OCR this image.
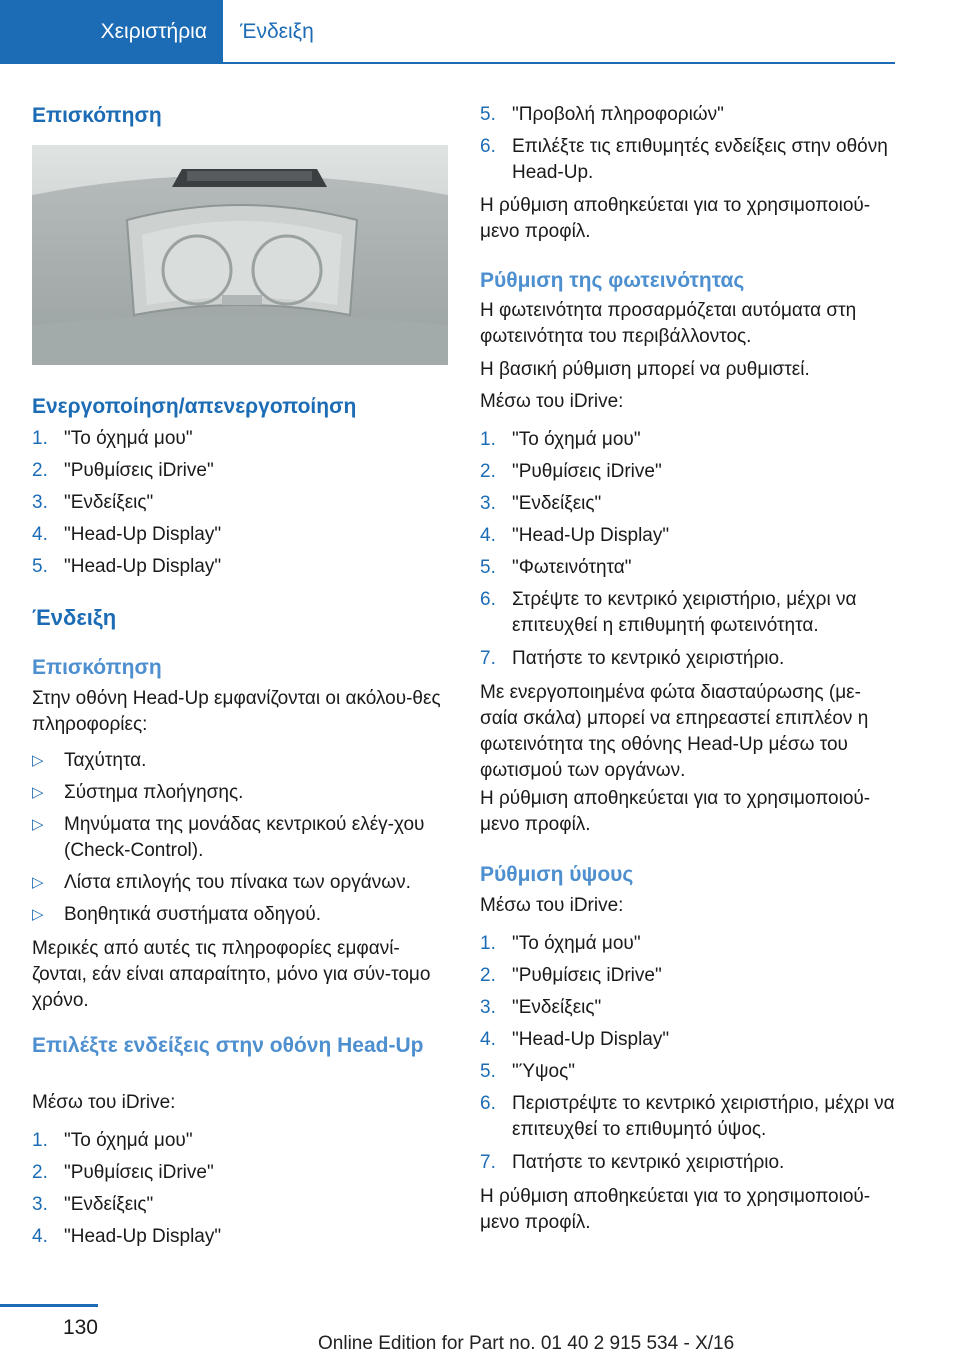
Χειριστήρια	Ένδειξη
Επισκόπηση
1. "Το όχημά μου"
2. "Ρυθμίσεις iDrive"
3. "Ενδείξεις"
4. "Head-Up Display"
5. "Head-Up Display"
Ενεργοποίηση/απενεργοποίηση
Ένδειξη
Επισκόπηση

Στην οθόνη Head-Up εμφανίζονται οι ακόλου-θες πληροφορίες:

▷	Ταχύτητα.
▷	Σύστημα πλοήγησης.
▷	Μηνύματα της μονάδας κεντρικού ελέγ-χου (Check-Control).
▷	Λίστα επιλογής του πίνακα των οργάνων.
▷	Βοηθητικά συστήματα οδηγού.

Μερικές από αυτές τις πληροφορίες εμφανί-ζονται, εάν είναι απαραίτητο, μόνο για σύν-τομο χρόνο.

Επιλέξτε ενδείξεις στην οθόνη Head-Up

Μέσω του iDrive:

1. "Το όχημά μου"
2. "Ρυθμίσεις iDrive"
3. "Ενδείξεις"
4. "Head-Up Display"
5. "Προβολή πληροφοριών"
6. Επιλέξτε τις επιθυμητές ενδείξεις στην οθόνη Head-Up.

Η ρύθμιση αποθηκεύεται για το χρησιμοποιού-μενο προφίλ.

Ρύθμιση της φωτεινότητας

Η φωτεινότητα προσαρμόζεται αυτόματα στη φωτεινότητα του περιβάλλοντος.

Η βασική ρύθμιση μπορεί να ρυθμιστεί.

Μέσω του iDrive:

1. "Το όχημά μου"
2. "Ρυθμίσεις iDrive"
3. "Ενδείξεις"
4. "Head-Up Display"
5. "Φωτεινότητα"
6. Στρέψτε το κεντρικό χειριστήριο, μέχρι να επιτευχθεί η επιθυμητή φωτεινότητα.
7. Πατήστε το κεντρικό χειριστήριο.

Με ενεργοποιημένα φώτα διασταύρωσης (με-σαία σκάλα) μπορεί να επηρεαστεί επιπλέον η φωτεινότητα της οθόνης Head-Up μέσω του φωτισμού των οργάνων.

Η ρύθμιση αποθηκεύεται για το χρησιμοποιού-μενο προφίλ.

Ρύθμιση ύψους

Μέσω του iDrive:

1. "Το όχημά μου"
2. "Ρυθμίσεις iDrive"
3. "Ενδείξεις"
4. "Head-Up Display"
5. "Ύψος"
6. Περιστρέψτε το κεντρικό χειριστήριο, μέχρι να επιτευχθεί το επιθυμητό ύψος.
7. Πατήστε το κεντρικό χειριστήριο.

Η ρύθμιση αποθηκεύεται για το χρησιμοποιού-μενο προφίλ.

130
Online Edition for Part no. 01 40 2 915 534 - X/16
